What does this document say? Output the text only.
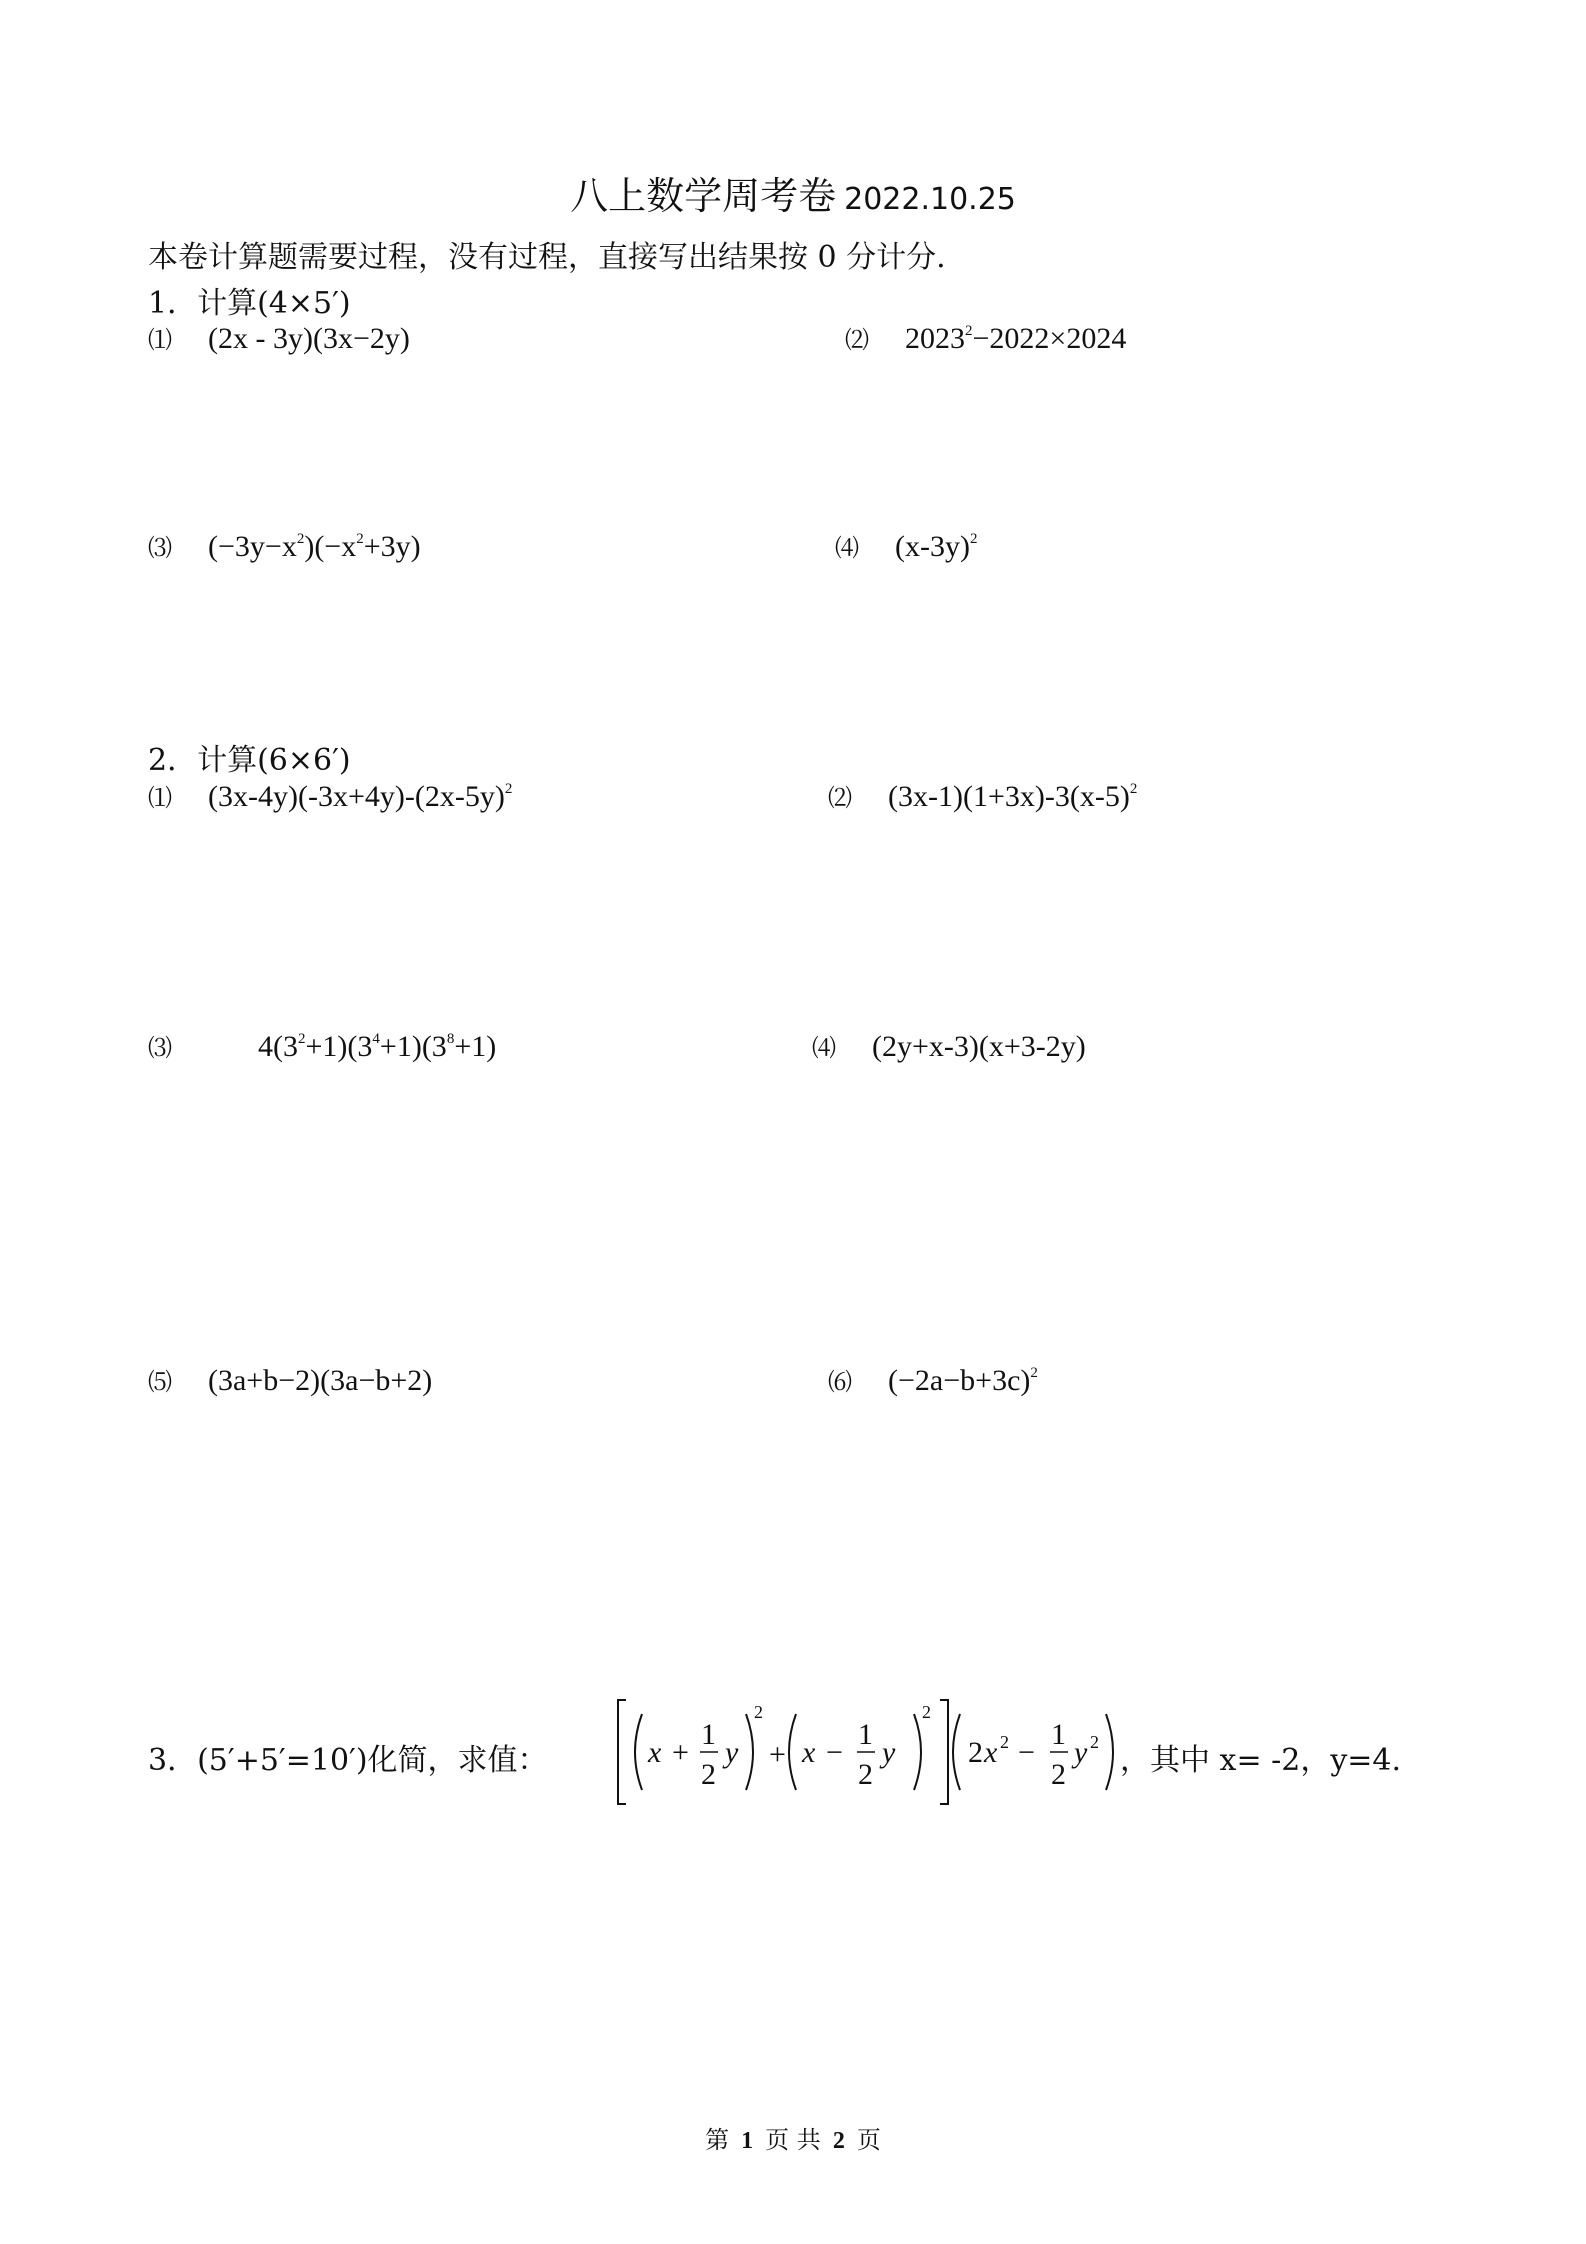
八上数学周考卷 2022.10.25
本卷计算题需要过程，没有过程，直接写出结果按 0 分计分.
1．计算(4×5′)
⑴ (2x - 3y)(3x−2y)	⑵ $2023^2-2022\times 2024$
⑶ $(-3y-x^2)(-x^2+3y)$	⑷ $(x-3y)^2$
2．计算(6×6′)
⑴ $(3x-4y)(-3x+4y)-(2x-5y)^2$	⑵ $(3x-1)(1+3x)-3(x-5)^2$
⑶	$4(3^2+1)(3^4+1)(3^8+1)$	⑷ (2y+x-3)(x+3-2y)
⑸ (3a+b−2)(3a−b+2)	⑹ $(-2a-b+3c)^2$
3．(5′+5′=10′)化简，求值：	x +
1
2
y
2
+ x −
1
2
y
2
2 x 2 −
1
2
y 2
，其中 x= -2，y=4.
第 1 页 共 2 页
